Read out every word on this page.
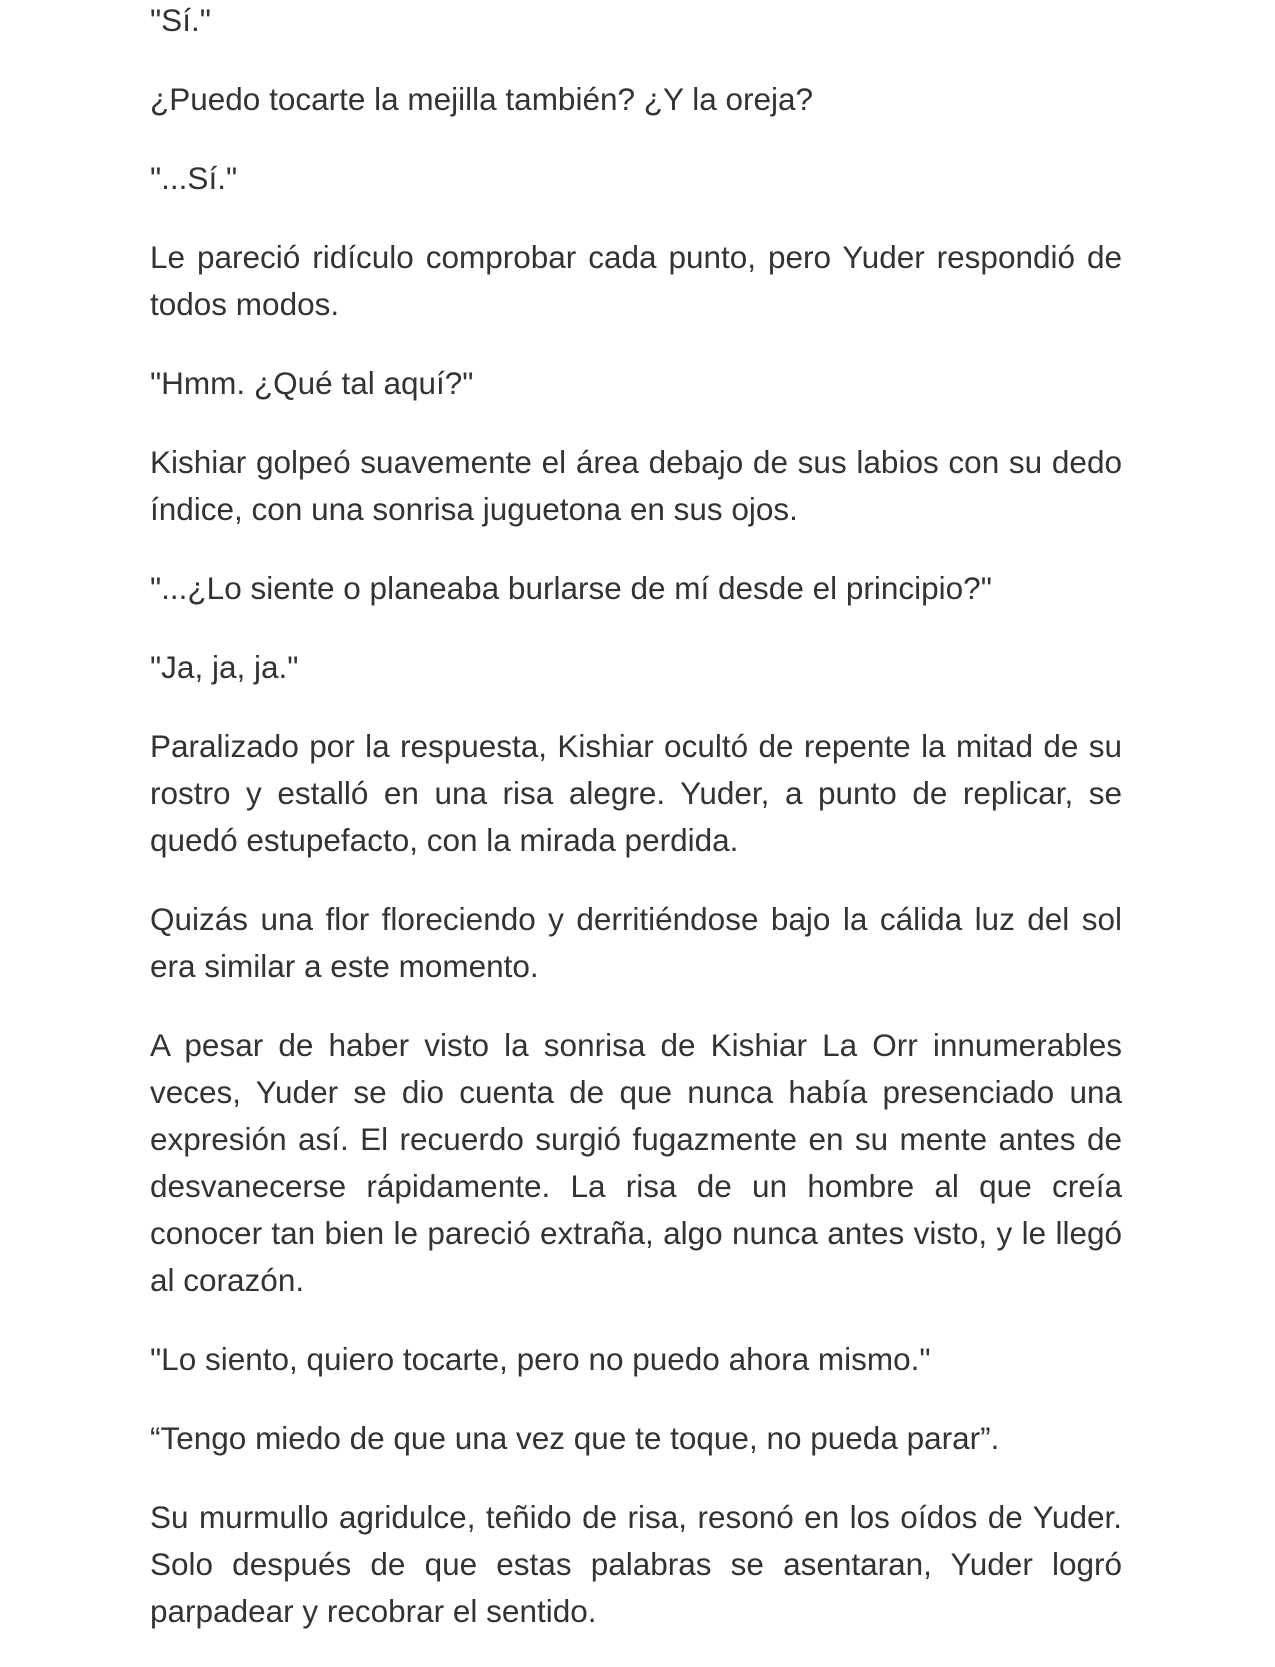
"Sí."

¿Puedo tocarte la mejilla también? ¿Y la oreja?

"...Sí."

Le pareció ridículo comprobar cada punto, pero Yuder respondió de todos modos.

"Hmm. ¿Qué tal aquí?"

Kishiar golpeó suavemente el área debajo de sus labios con su dedo índice, con una sonrisa juguetona en sus ojos.

"...¿Lo siente o planeaba burlarse de mí desde el principio?"

"Ja, ja, ja."

Paralizado por la respuesta, Kishiar ocultó de repente la mitad de su rostro y estalló en una risa alegre. Yuder, a punto de replicar, se quedó estupefacto, con la mirada perdida.

Quizás una flor floreciendo y derritiéndose bajo la cálida luz del sol era similar a este momento.

A pesar de haber visto la sonrisa de Kishiar La Orr innumerables veces, Yuder se dio cuenta de que nunca había presenciado una expresión así. El recuerdo surgió fugazmente en su mente antes de desvanecerse rápidamente. La risa de un hombre al que creía conocer tan bien le pareció extraña, algo nunca antes visto, y le llegó al corazón.

"Lo siento, quiero tocarte, pero no puedo ahora mismo."

“Tengo miedo de que una vez que te toque, no pueda parar”.

Su murmullo agridulce, teñido de risa, resonó en los oídos de Yuder. Solo después de que estas palabras se asentaran, Yuder logró parpadear y recobrar el sentido.
